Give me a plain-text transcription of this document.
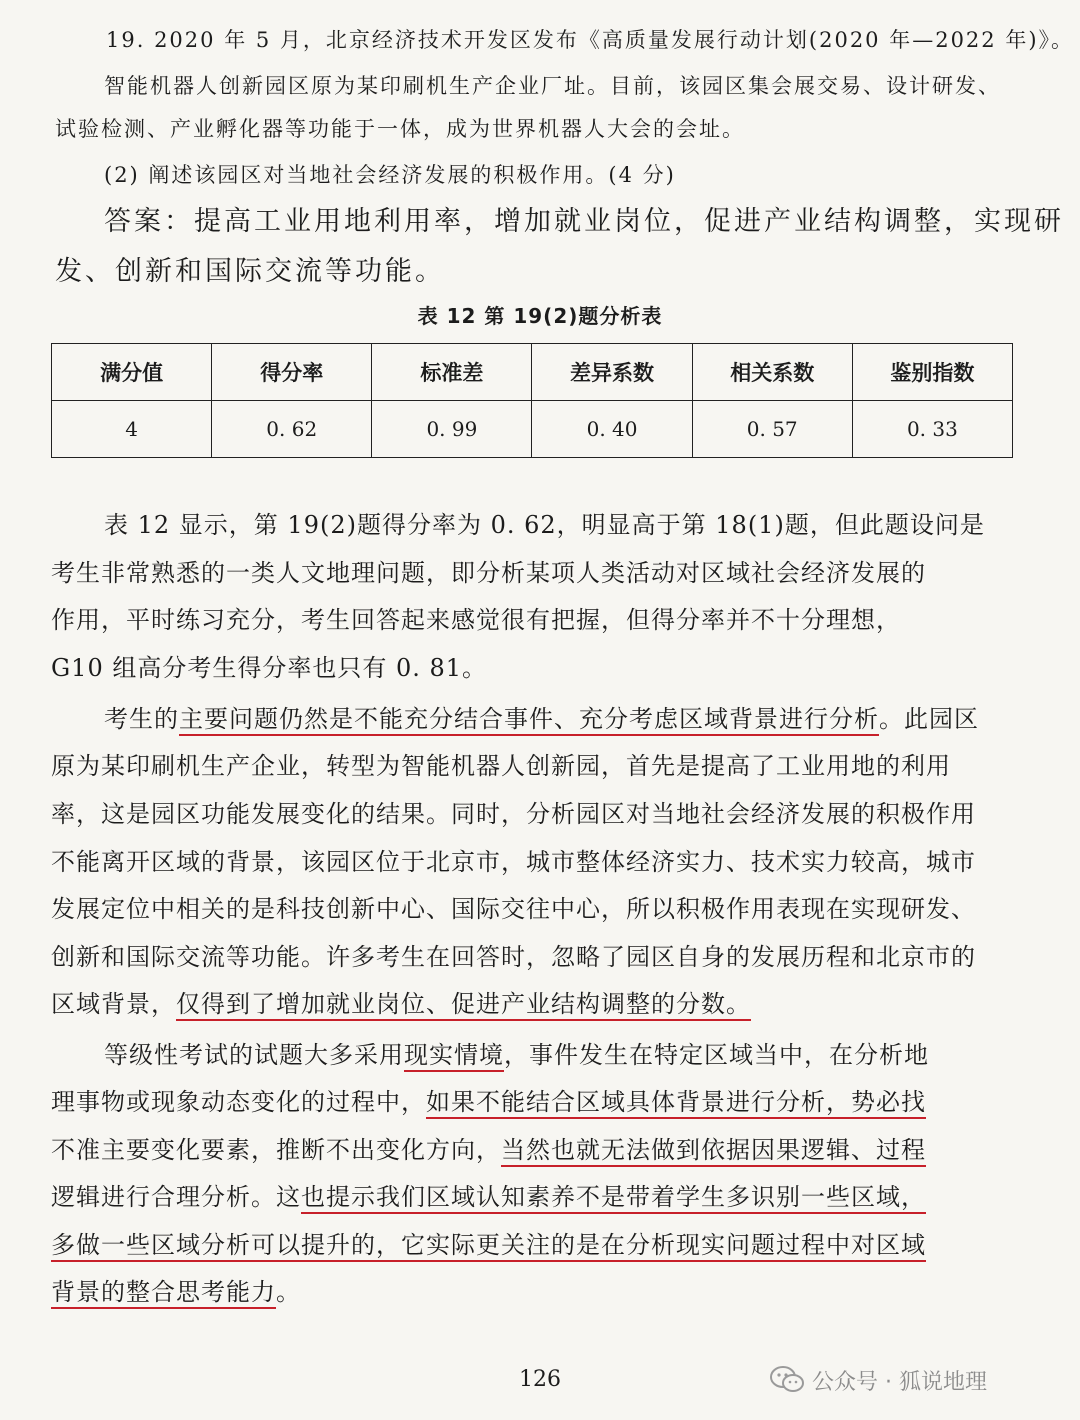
19. 2020 年 5 月，北京经济技术开发区发布《高质量发展行动计划(2020 年—2022 年)》。
智能机器人创新园区原为某印刷机生产企业厂址。目前，该园区集会展交易、设计研发、
试验检测、产业孵化器等功能于一体，成为世界机器人大会的会址。
(2) 阐述该园区对当地社会经济发展的积极作用。(4 分)
答案：提高工业用地利用率，增加就业岗位，促进产业结构调整，实现研
发、创新和国际交流等功能。
表 12 第 19(2)题分析表
满分值	得分率	标准差	差异系数	相关系数	鉴别指数
4	0. 62	0. 99	0. 40	0. 57	0. 33
表 12 显示，第 19(2)题得分率为 0. 62，明显高于第 18(1)题，但此题设问是
考生非常熟悉的一类人文地理问题，即分析某项人类活动对区域社会经济发展的
作用，平时练习充分，考生回答起来感觉很有把握，但得分率并不十分理想，
G10 组高分考生得分率也只有 0. 81。
考生的主要问题仍然是不能充分结合事件、充分考虑区域背景进行分析。此园区
原为某印刷机生产企业，转型为智能机器人创新园，首先是提高了工业用地的利用
率，这是园区功能发展变化的结果。同时，分析园区对当地社会经济发展的积极作用
不能离开区域的背景，该园区位于北京市，城市整体经济实力、技术实力较高，城市
发展定位中相关的是科技创新中心、国际交往中心，所以积极作用表现在实现研发、
创新和国际交流等功能。许多考生在回答时，忽略了园区自身的发展历程和北京市的
区域背景，仅得到了增加就业岗位、促进产业结构调整的分数。
等级性考试的试题大多采用现实情境，事件发生在特定区域当中，在分析地
理事物或现象动态变化的过程中，如果不能结合区域具体背景进行分析，势必找
不准主要变化要素，推断不出变化方向，当然也就无法做到依据因果逻辑、过程
逻辑进行合理分析。这也提示我们区域认知素养不是带着学生多识别一些区域，
多做一些区域分析可以提升的，它实际更关注的是在分析现实问题过程中对区域
背景的整合思考能力。
126	公众号 · 狐说地理
